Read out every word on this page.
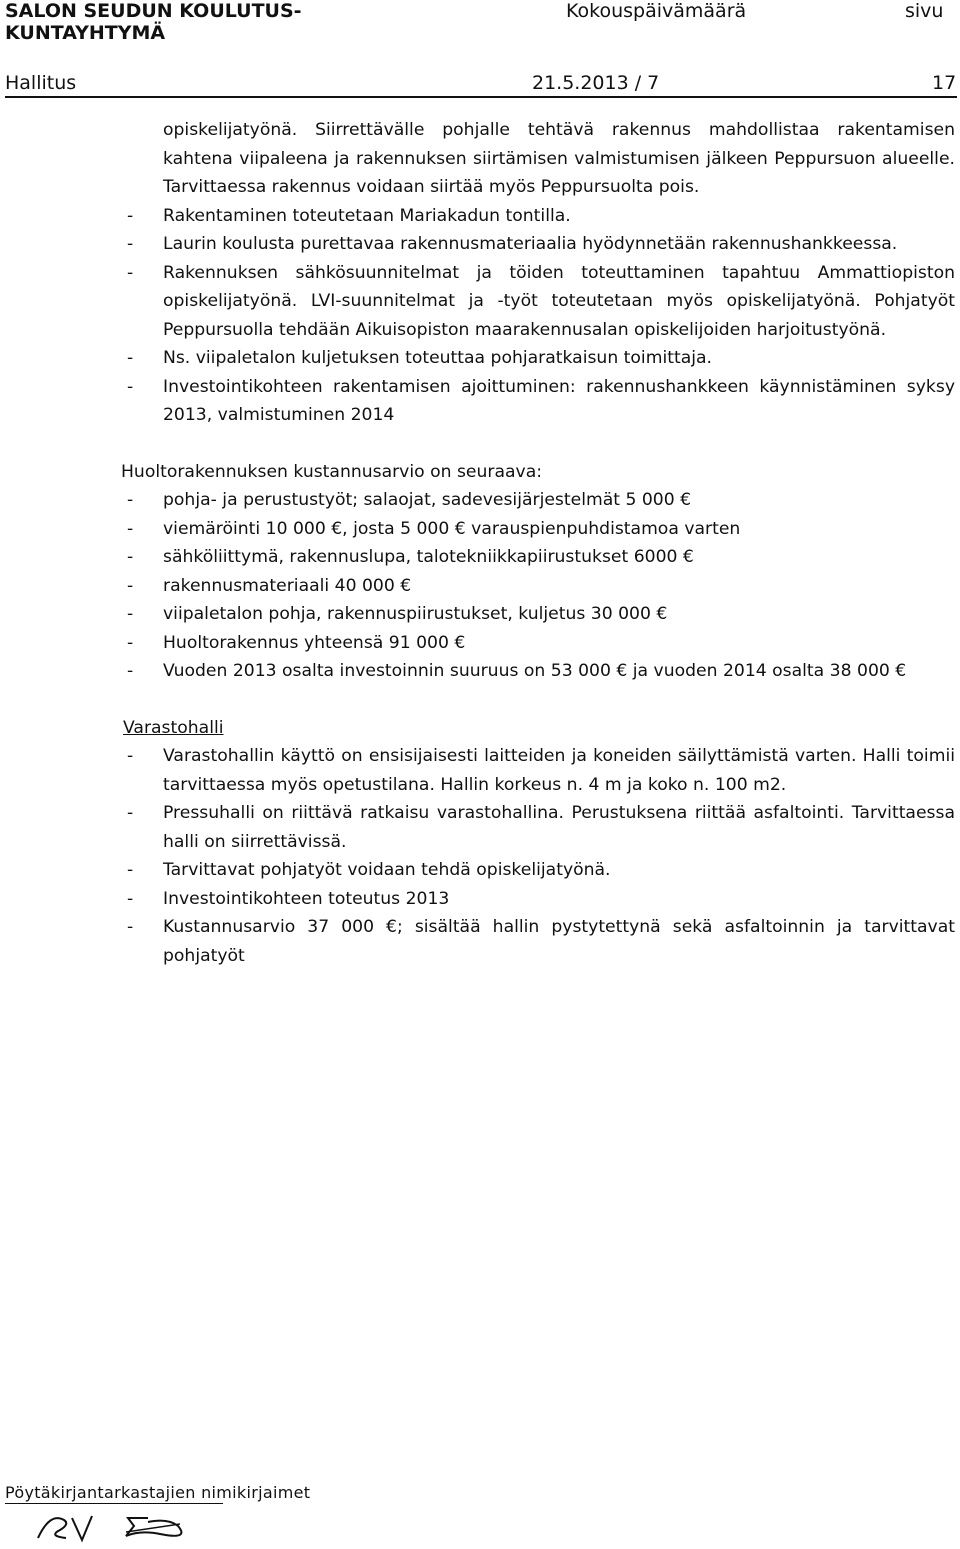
SALON SEUDUN KOULUTUS-
KUNTAYHTYMÄ
Kokouspäivämäärä	sivu
Hallitus	21.5.2013 / 7	17

opiskelijatyönä. Siirrettävälle pohjalle tehtävä rakennus mahdollistaa rakentamisen kahtena viipaleena ja rakennuksen siirtämisen valmistumisen jälkeen Peppursuon alueelle. Tarvittaessa rakennus voidaan siirtää myös Peppursuolta pois.

- Rakentaminen toteutetaan Mariakadun tontilla.
- Laurin koulusta purettavaa rakennusmateriaalia hyödynnetään rakennushankkeessa.
- Rakennuksen sähkösuunnitelmat ja töiden toteuttaminen tapahtuu Ammattiopiston opiskelijatyönä. LVI-suunnitelmat ja -työt toteutetaan myös opiskelijatyönä. Pohjatyöt Peppursuolla tehdään Aikuisopiston maarakennusalan opiskelijoiden harjoitustyönä.
- Ns. viipaletalon kuljetuksen toteuttaa pohjaratkaisun toimittaja.
- Investointikohteen rakentamisen ajoittuminen: rakennushankkeen käynnistäminen syksy 2013, valmistuminen 2014

Huoltorakennuksen kustannusarvio on seuraava:

- pohja- ja perustustyöt; salaojat, sadevesijärjestelmät 5 000 €
- viemäröinti 10 000 €, josta 5 000 € varauspienpuhdistamoa varten
- sähköliittymä, rakennuslupa, talotekniikkapiirustukset 6000 €
- rakennusmateriaali 40 000 €
- viipaletalon pohja, rakennuspiirustukset, kuljetus 30 000 €
- Huoltorakennus yhteensä 91 000 €
- Vuoden 2013 osalta investoinnin suuruus on 53 000 € ja vuoden 2014 osalta 38 000 €

Varastohalli

- Varastohallin käyttö on ensisijaisesti laitteiden ja koneiden säilyttämistä varten. Halli toimii tarvittaessa myös opetustilana. Hallin korkeus n. 4 m ja koko n. 100 m2.
- Pressuhalli on riittävä ratkaisu varastohallina. Perustuksena riittää asfaltointi. Tarvittaessa halli on siirrettävissä.
- Tarvittavat pohjatyöt voidaan tehdä opiskelijatyönä.
- Investointikohteen toteutus 2013
- Kustannusarvio 37 000 €; sisältää hallin pystytettynä sekä asfaltoinnin ja tarvittavat pohjatyöt
Pöytäkirjantarkastajien nimikirjaimet
